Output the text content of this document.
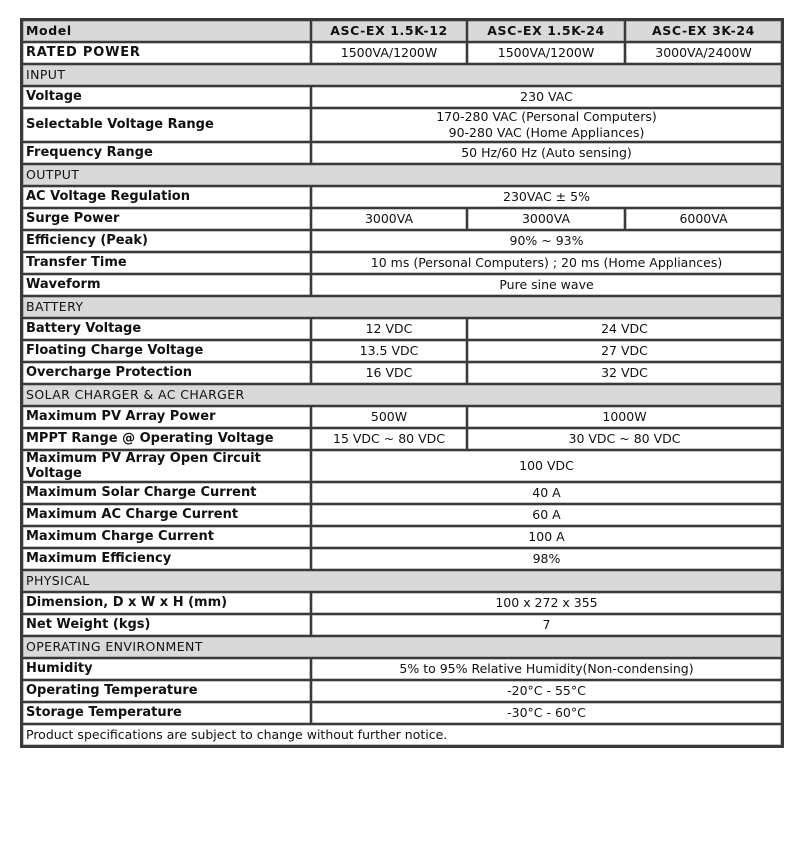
Model	ASC-EX 1.5K-12	ASC-EX 1.5K-24	ASC-EX 3K-24
RATED POWER	1500VA/1200W	1500VA/1200W	3000VA/2400W
INPUT			
Voltage	230 VAC		
Selectable Voltage Range	170-280 VAC (Personal Computers)
90-280 VAC (Home Appliances)		

Frequency Range	50 Hz/60 Hz (Auto sensing)		
OUTPUT			
AC Voltage Regulation	230VAC ± 5%		
Surge Power	3000VA	3000VA	6000VA
Efficiency (Peak)	90% ~ 93%		
Transfer Time	10 ms (Personal Computers) ; 20 ms (Home Appliances)		
Waveform	Pure sine wave		
BATTERY			
Battery Voltage	12 VDC	24 VDC	
Floating Charge Voltage	13.5 VDC	27 VDC	
Overcharge Protection	16 VDC	32 VDC	
SOLAR CHARGER & AC CHARGER			
Maximum PV Array Power	500W	1000W	
MPPT Range @ Operating Voltage	15 VDC ~ 80 VDC	30 VDC ~ 80 VDC	
Maximum PV Array Open Circuit Voltage	100 VDC		
Maximum Solar Charge Current	40 A		
Maximum AC Charge Current	60 A		
Maximum Charge Current	100 A		
Maximum Efficiency	98%		
PHYSICAL			
Dimension, D x W x H (mm)	100 x 272 x 355		
Net Weight (kgs)	7		
OPERATING ENVIRONMENT			
Humidity	5% to 95% Relative Humidity(Non-condensing)		
Operating Temperature	-20°C - 55°C		
Storage Temperature	-30°C - 60°C		
Product specifications are subject to change without further notice.			
